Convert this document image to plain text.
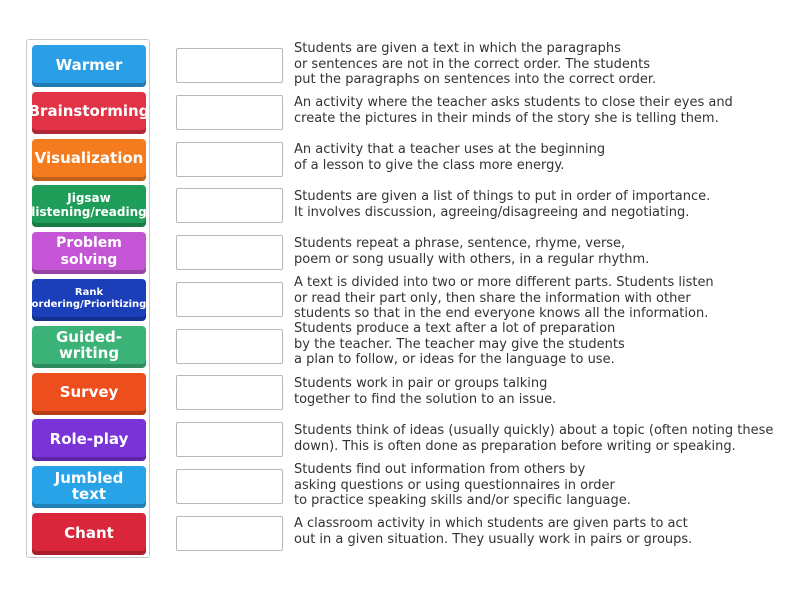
Warmer
Brainstorming
Visualization
Jigsaw listening/reading
Problem solving
Rank ordering/Prioritizing
Guided-writing
Survey
Role-play
Jumbled text
Chant
Students are given a text in which the paragraphs
or sentences are not in the correct order. The students
put the paragraphs on sentences into the correct order.
An activity where the teacher asks students to close their eyes and
create the pictures in their minds of the story she is telling them.
An activity that a teacher uses at the beginning
of a lesson to give the class more energy.
Students are given a list of things to put in order of importance.
It involves discussion, agreeing/disagreeing and negotiating.
Students repeat a phrase, sentence, rhyme, verse,
poem or song usually with others, in a regular rhythm.
A text is divided into two or more different parts. Students listen
or read their part only, then share the information with other
students so that in the end everyone knows all the information.
Students produce a text after a lot of preparation
by the teacher. The teacher may give the students
a plan to follow, or ideas for the language to use.
Students work in pair or groups talking
together to find the solution to an issue.
Students think of ideas (usually quickly) about a topic (often noting these
down). This is often done as preparation before writing or speaking.
Students find out information from others by
asking questions or using questionnaires in order
to practice speaking skills and/or specific language.
A classroom activity in which students are given parts to act
out in a given situation. They usually work in pairs or groups.
